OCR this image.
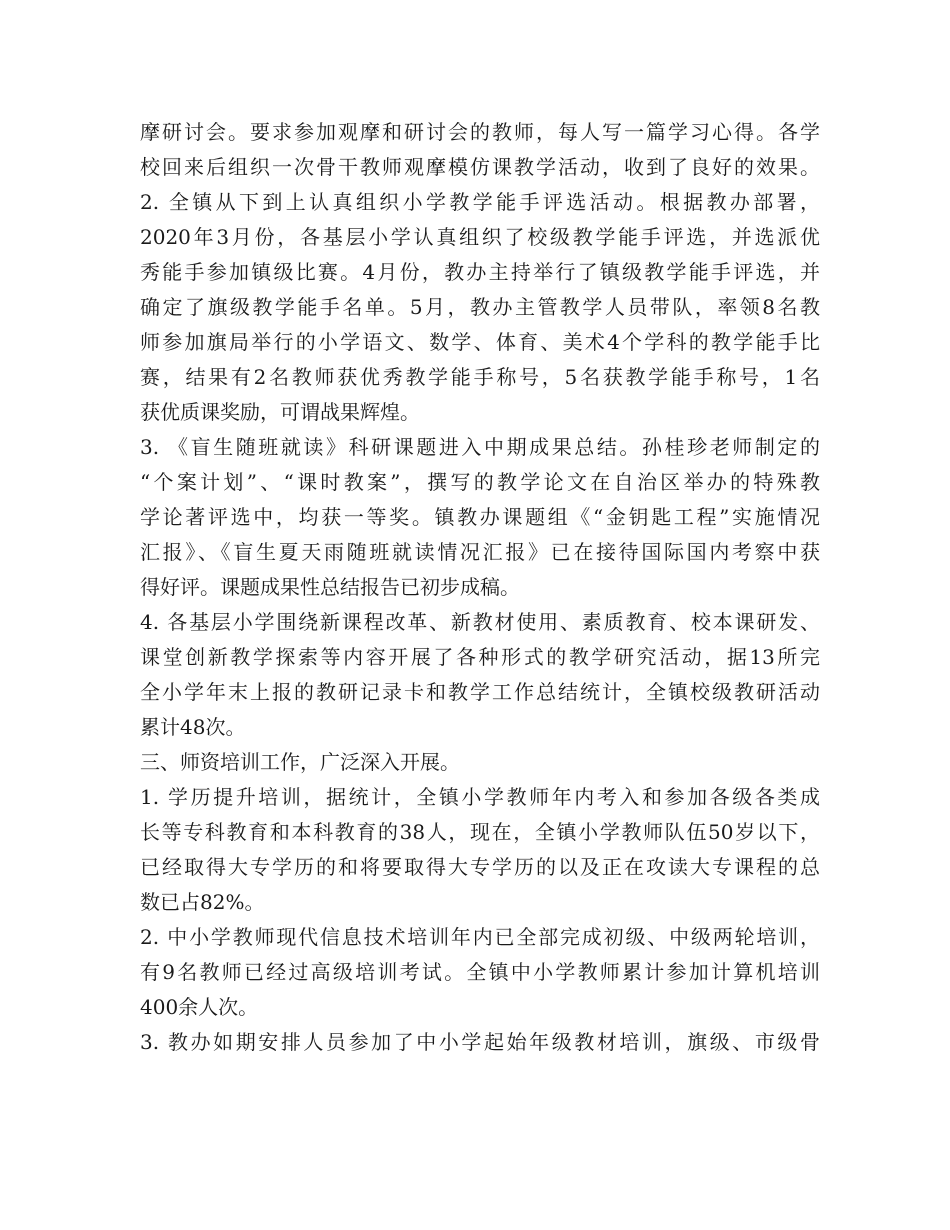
摩研讨会。要求参加观摩和研讨会的教师，每人写一篇学习心得。各学
校回来后组织一次骨干教师观摩模仿课教学活动，收到了良好的效果。
2. 全镇从下到上认真组织小学教学能手评选活动。根据教办部署，
2020年3月份，各基层小学认真组织了校级教学能手评选，并选派优
秀能手参加镇级比赛。4月份，教办主持举行了镇级教学能手评选，并
确定了旗级教学能手名单。5月，教办主管教学人员带队，率领8名教
师参加旗局举行的小学语文、数学、体育、美术4个学科的教学能手比
赛，结果有2名教师获优秀教学能手称号，5名获教学能手称号，1名
获优质课奖励，可谓战果辉煌。
3. 《盲生随班就读》科研课题进入中期成果总结。孙桂珍老师制定的
“个案计划”、“课时教案”，撰写的教学论文在自治区举办的特殊教
学论著评选中，均获一等奖。镇教办课题组《“金钥匙工程”实施情况
汇报》、《盲生夏天雨随班就读情况汇报》已在接待国际国内考察中获
得好评。课题成果性总结报告已初步成稿。
4. 各基层小学围绕新课程改革、新教材使用、素质教育、校本课研发、
课堂创新教学探索等内容开展了各种形式的教学研究活动，据13所完
全小学年末上报的教研记录卡和教学工作总结统计，全镇校级教研活动
累计48次。
三、师资培训工作，广泛深入开展。
1. 学历提升培训，据统计，全镇小学教师年内考入和参加各级各类成
长等专科教育和本科教育的38人，现在，全镇小学教师队伍50岁以下，
已经取得大专学历的和将要取得大专学历的以及正在攻读大专课程的总
数已占82%。
2. 中小学教师现代信息技术培训年内已全部完成初级、中级两轮培训，
有9名教师已经过高级培训考试。全镇中小学教师累计参加计算机培训
400余人次。
3. 教办如期安排人员参加了中小学起始年级教材培训，旗级、市级骨
